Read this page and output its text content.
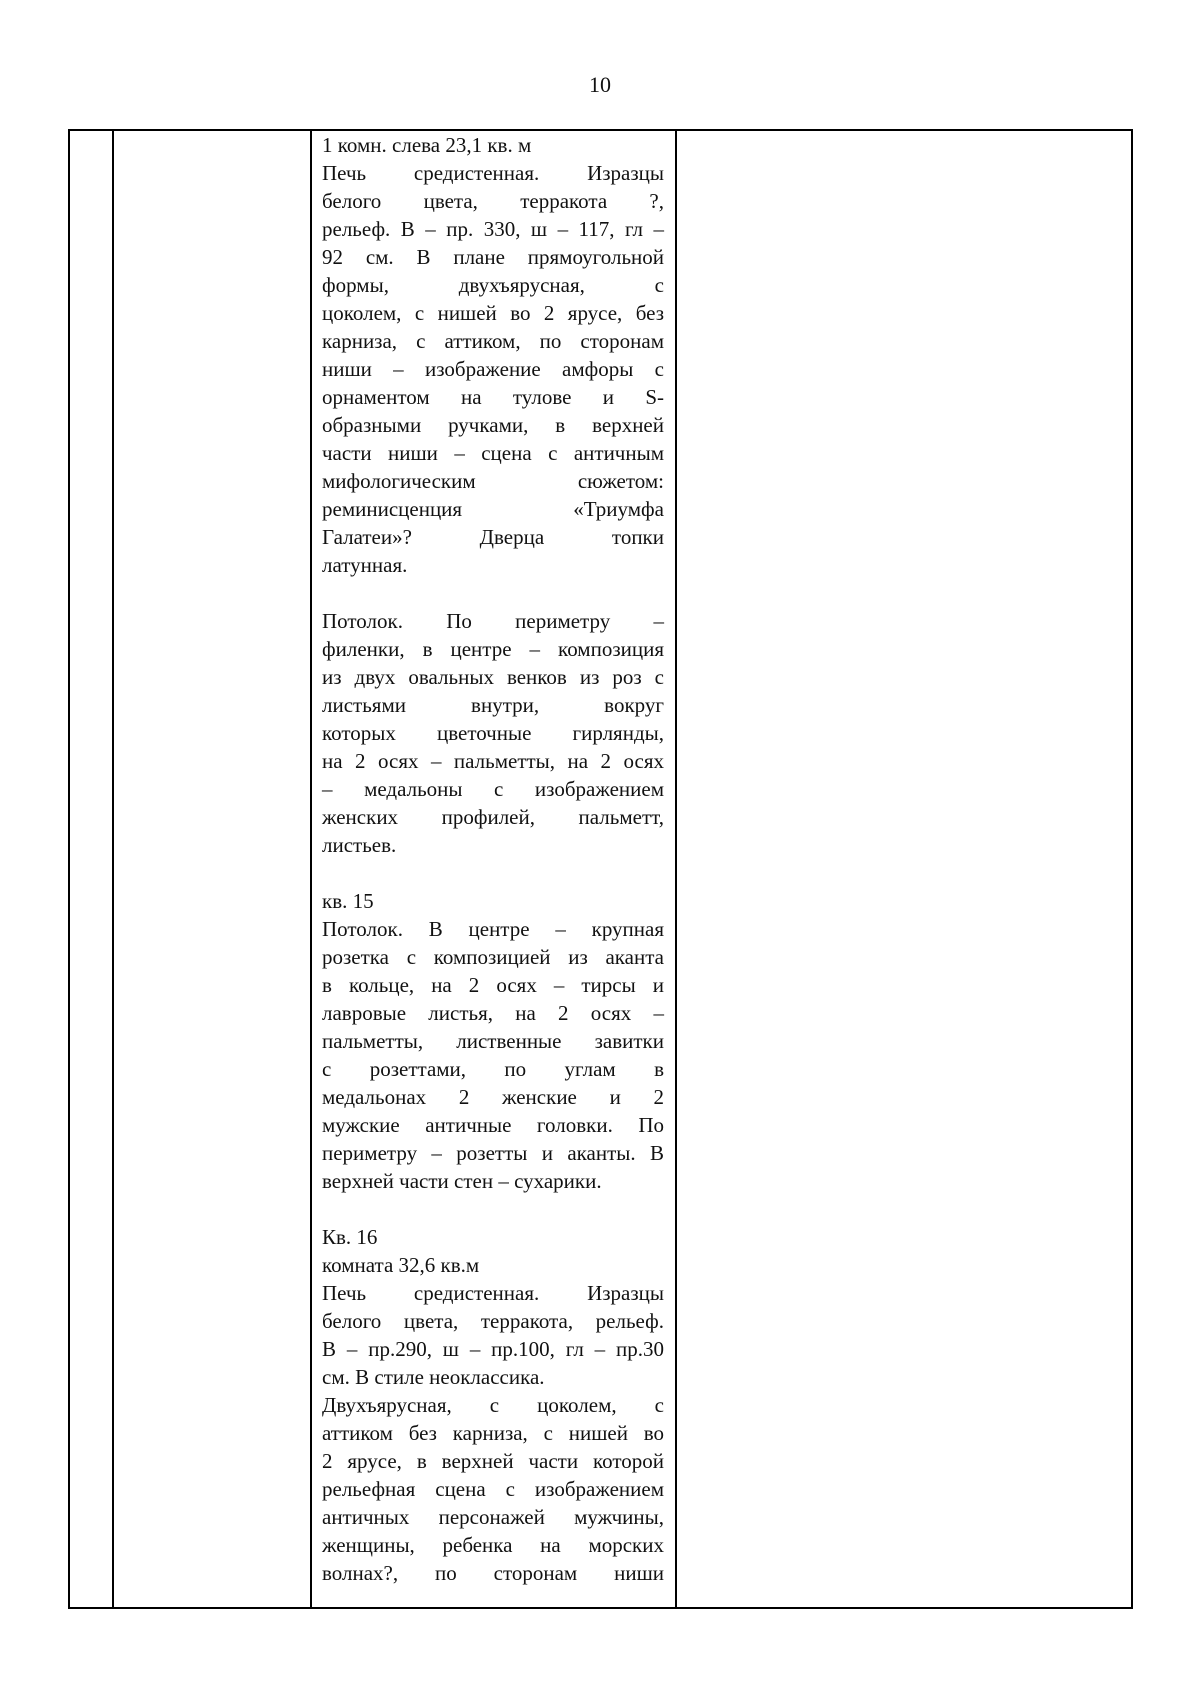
10
1 комн. слева 23,1 кв. м
Печь средистенная. Изразцы
белого цвета, терракота ?,
рельеф. В – пр. 330, ш – 117, гл –
92 см. В плане прямоугольной
формы, двухъярусная, с
цоколем, с нишей во 2 ярусе, без
карниза, с аттиком, по сторонам
ниши – изображение амфоры с
орнаментом на тулове и S-
образными ручками, в верхней
части ниши – сцена с античным
мифологическим сюжетом:
реминисценция «Триумфа
Галатеи»? Дверца топки
латунная.
Потолок. По периметру –
филенки, в центре – композиция
из двух овальных венков из роз с
листьями внутри, вокруг
которых цветочные гирлянды,
на 2 осях – пальметты, на 2 осях
– медальоны с изображением
женских профилей, пальметт,
листьев.
кв. 15
Потолок. В центре – крупная
розетка с композицией из аканта
в кольце, на 2 осях – тирсы и
лавровые листья, на 2 осях –
пальметты, лиственные завитки
с розеттами, по углам в
медальонах 2 женские и 2
мужские античные головки. По
периметру – розетты и аканты. В
верхней части стен – сухарики.
Кв. 16
комната 32,6 кв.м
Печь средистенная. Изразцы
белого цвета, терракота, рельеф.
В – пр.290, ш – пр.100, гл – пр.30
см. В стиле неоклассика.
Двухъярусная, с цоколем, с
аттиком без карниза, с нишей во
2 ярусе, в верхней части которой
рельефная сцена с изображением
античных персонажей мужчины,
женщины, ребенка на морских
волнах?, по сторонам ниши
